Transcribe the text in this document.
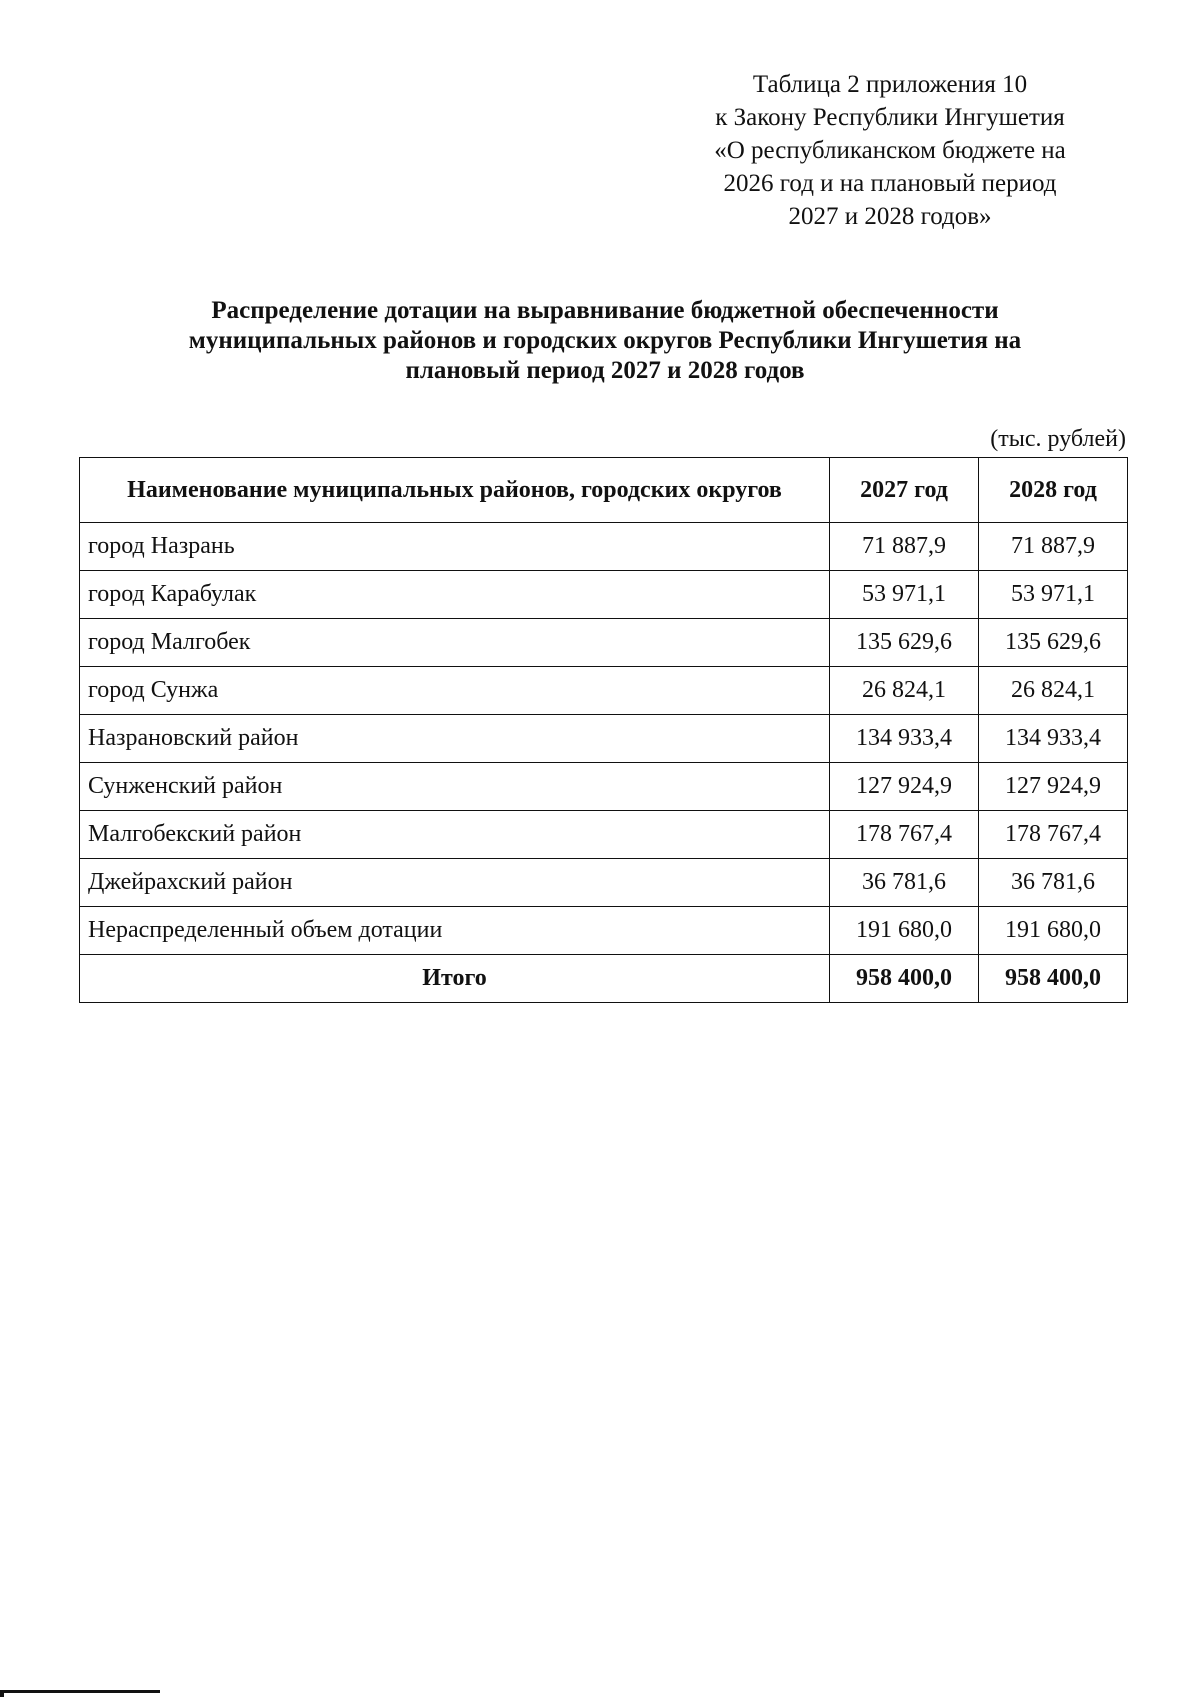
Таблица 2 приложения 10
к Закону Республики Ингушетия
«О республиканском бюджете на
2026 год и на плановый период
2027 и 2028 годов»
Распределение дотации на выравнивание бюджетной обеспеченности
муниципальных районов и городских округов Республики Ингушетия на
плановый период 2027 и 2028 годов
(тыс. рублей)
Наименование муниципальных районов, городских округов	2027 год	2028 год
город Назрань	71 887,9	71 887,9
город Карабулак	53 971,1	53 971,1
город Малгобек	135 629,6	135 629,6
город Сунжа	26 824,1	26 824,1
Назрановский район	134 933,4	134 933,4
Сунженский район	127 924,9	127 924,9
Малгобекский район	178 767,4	178 767,4
Джейрахский район	36 781,6	36 781,6
Нераспределенный объем дотации	191 680,0	191 680,0
Итого	958 400,0	958 400,0
